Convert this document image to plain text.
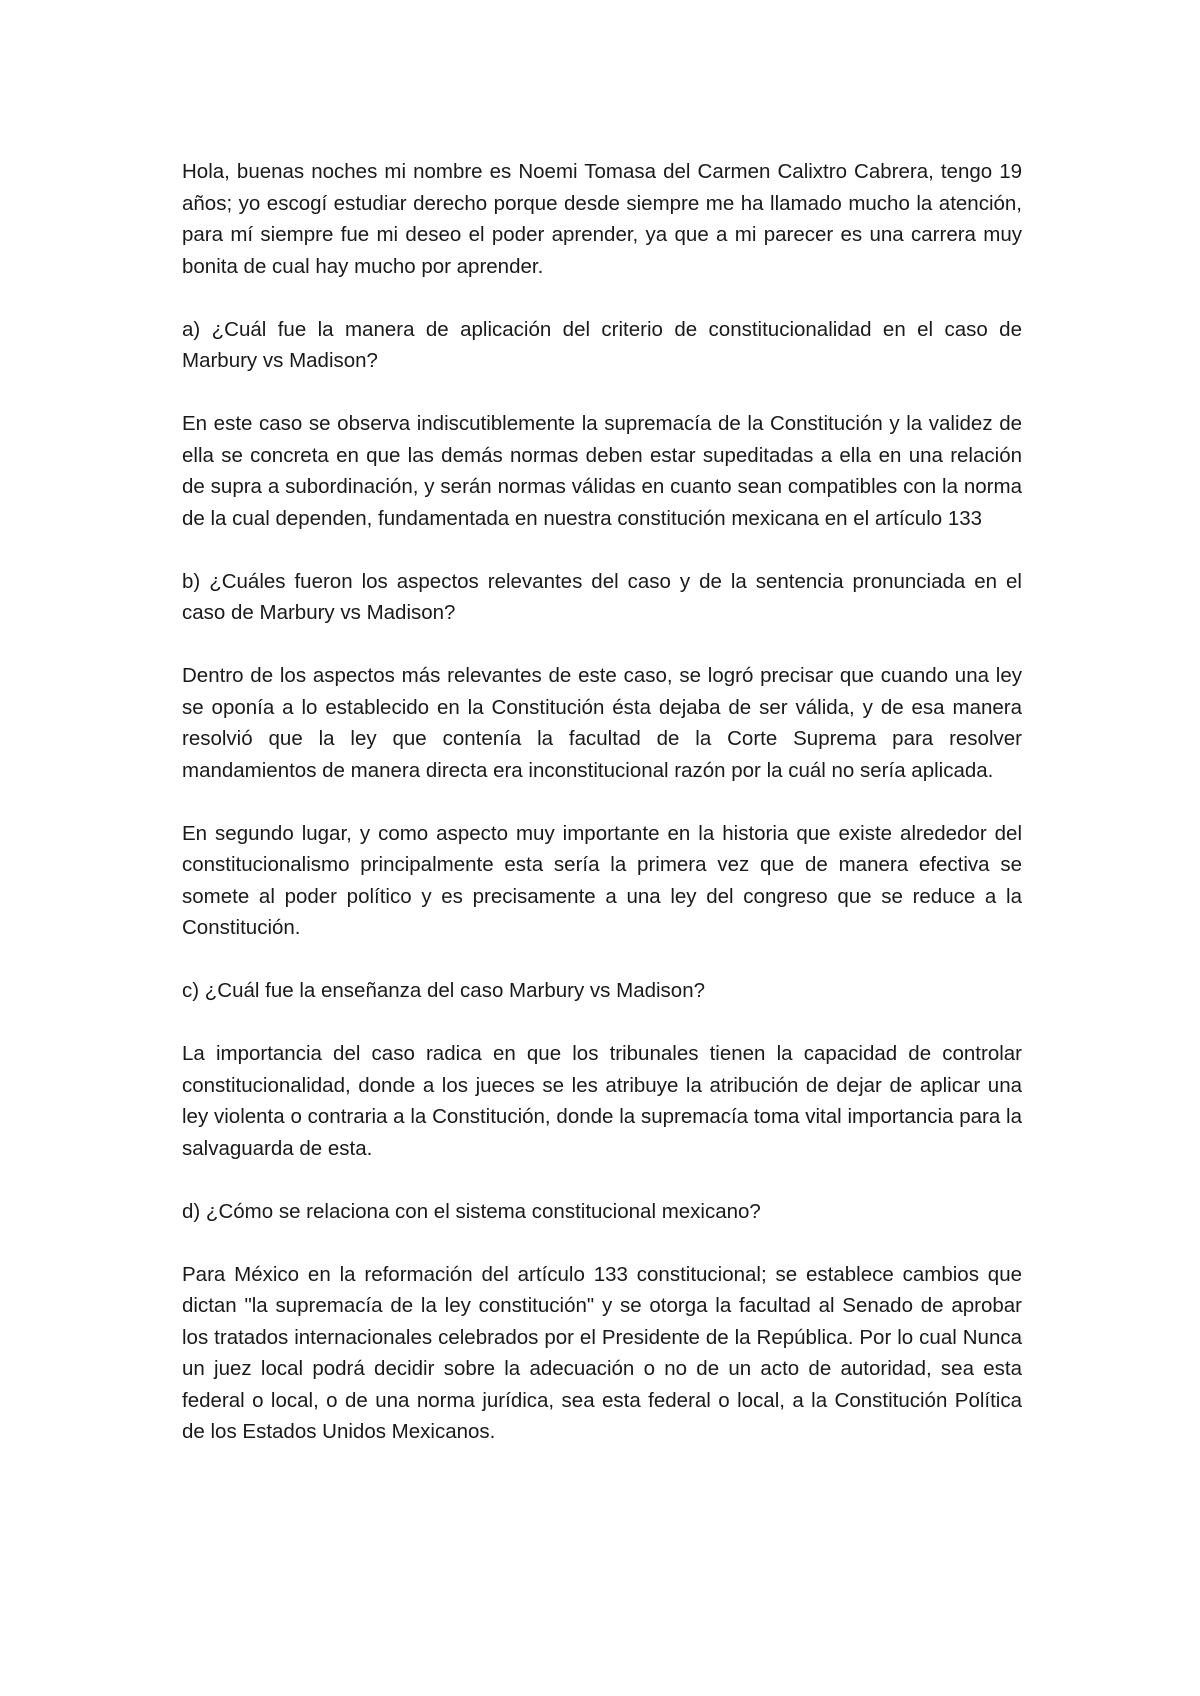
Hola, buenas noches mi nombre es Noemi Tomasa del Carmen Calixtro Cabrera, tengo 19 años; yo escogí estudiar derecho porque desde siempre me ha llamado mucho la atención, para mí siempre fue mi deseo el poder aprender, ya que a mi parecer es una carrera muy bonita de cual hay mucho por aprender.

a) ¿Cuál fue la manera de aplicación del criterio de constitucionalidad en el caso de Marbury vs Madison?

En este caso se observa indiscutiblemente la supremacía de la Constitución y la validez de ella se concreta en que las demás normas deben estar supeditadas a ella en una relación de supra a subordinación, y serán normas válidas en cuanto sean compatibles con la norma de la cual dependen, fundamentada en nuestra constitución mexicana en el artículo 133

b) ¿Cuáles fueron los aspectos relevantes del caso y de la sentencia pronunciada en el caso de Marbury vs Madison?

Dentro de los aspectos más relevantes de este caso, se logró precisar que cuando una ley se oponía a lo establecido en la Constitución ésta dejaba de ser válida, y de esa manera resolvió que la ley que contenía la facultad de la Corte Suprema para resolver mandamientos de manera directa era inconstitucional razón por la cuál no sería aplicada.

En segundo lugar, y como aspecto muy importante en la historia que existe alrededor del constitucionalismo principalmente esta sería la primera vez que de manera efectiva se somete al poder político y es precisamente a una ley del congreso que se reduce a la Constitución.

c) ¿Cuál fue la enseñanza del caso Marbury vs Madison?

La importancia del caso radica en que los tribunales tienen la capacidad de controlar constitucionalidad, donde a los jueces se les atribuye la atribución de dejar de aplicar una ley violenta o contraria a la Constitución, donde la supremacía toma vital importancia para la salvaguarda de esta.

d) ¿Cómo se relaciona con el sistema constitucional mexicano?

Para México en la reformación del artículo 133 constitucional; se establece cambios que dictan "la supremacía de la ley constitución" y se otorga la facultad al Senado de aprobar los tratados internacionales celebrados por el Presidente de la República. Por lo cual Nunca un juez local podrá decidir sobre la adecuación o no de un acto de autoridad, sea esta federal o local, o de una norma jurídica, sea esta federal o local, a la Constitución Política de los Estados Unidos Mexicanos.
